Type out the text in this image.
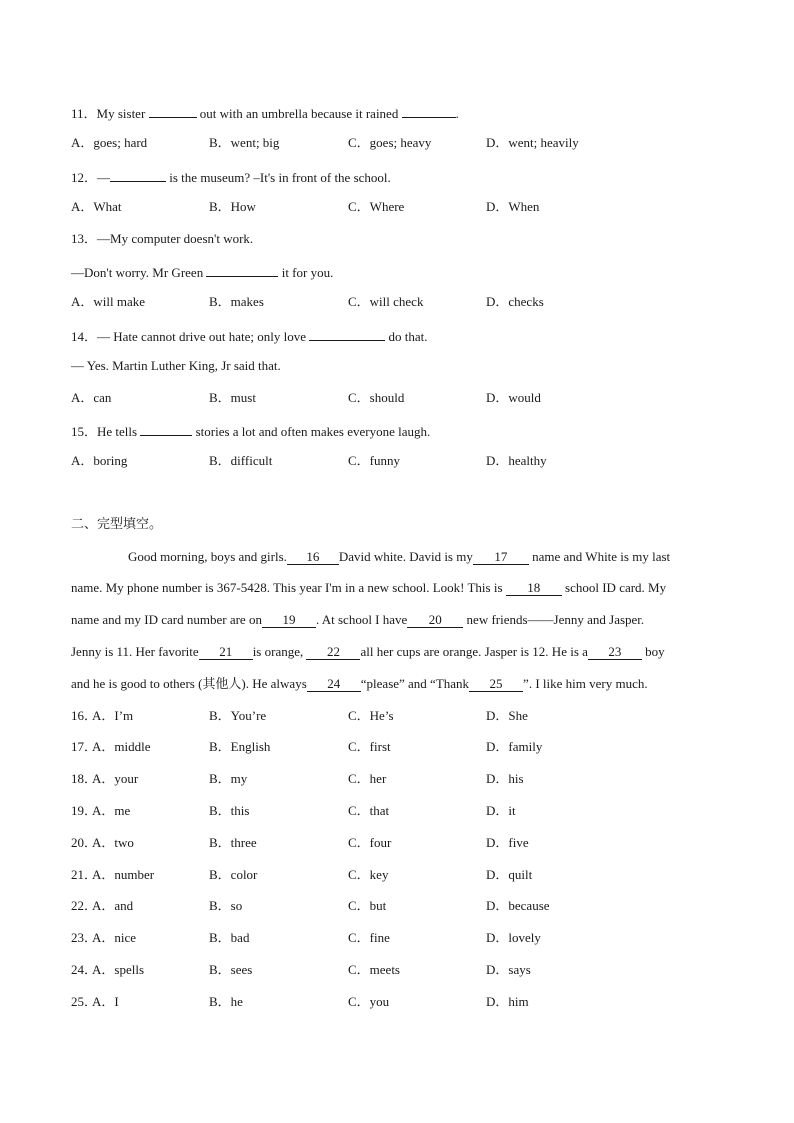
11．My sister	out with an umbrella because it rained	.
A．goes; hard	B．went; big	C．goes; heavy	D．went; heavily
12．—	is the museum? –It's in front of the school.
A．What	B．How	C．Where	D．When
13．—My computer doesn't work.
—Don't worry. Mr Green	it for you.
A．will make	B．makes	C．will check	D．checks
14．— Hate cannot drive out hate; only love	do that.
— Yes. Martin Luther King, Jr said that.
A．can	B．must	C．should	D．would
15．He tells	stories a lot and often makes everyone laugh.
A．boring	B．difficult	C．funny	D．healthy
二、完型填空。
Good morning, boys and girls. 16 David white. David is my 17 name and White is my last
name. My phone number is 367-5428. This year I'm in a new school. Look! This is 18 school ID card. My
name and my ID card number are on 19 . At school I have 20 new friends——Jenny and Jasper.
Jenny is 11. Her favorite 21 is orange, 22 all her cups are orange. Jasper is 12. He is a 23 boy
and he is good to others (其他人). He always 24 “please” and “Thank 25 ”. I like him very much.
16．
A．I’m	B．You’re	C．He’s	D．She
17．
A．middle	B．English	C．first	D．family
18．
A．your	B．my	C．her	D．his
19．
A．me	B．this	C．that	D．it
20．
A．two	B．three	C．four	D．five
21．
A．number	B．color	C．key	D．quilt
22．
A．and	B．so	C．but	D．because
23．
A．nice	B．bad	C．fine	D．lovely
24．
A．spells	B．sees	C．meets	D．says
25．
A．I	B．he	C．you	D．him
